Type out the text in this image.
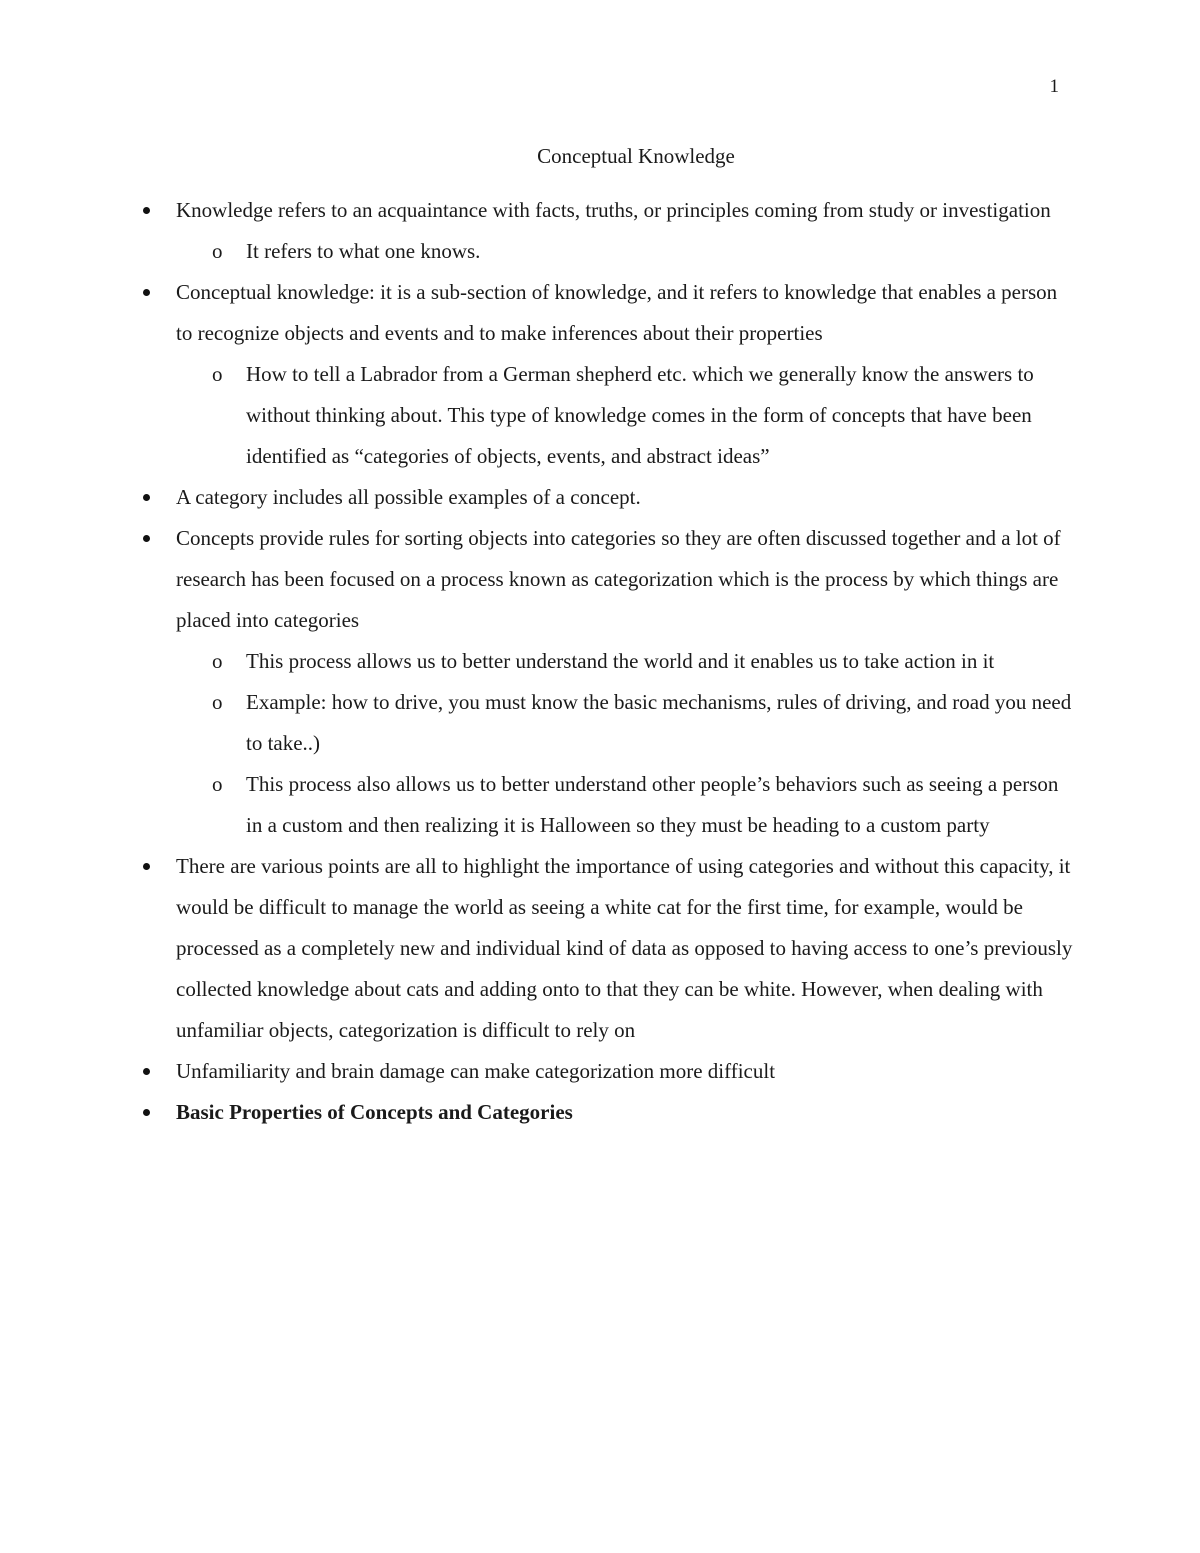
1
Conceptual Knowledge

Knowledge refers to an acquaintance with facts, truths, or principles coming from study or investigation

o It refers to what one knows.

Conceptual knowledge: it is a sub-section of knowledge, and it refers to knowledge that enables a person to recognize objects and events and to make inferences about their properties

o How to tell a Labrador from a German shepherd etc. which we generally know the answers to without thinking about. This type of knowledge comes in the form of concepts that have been identified as “categories of objects, events, and abstract ideas”

A category includes all possible examples of a concept.

Concepts provide rules for sorting objects into categories so they are often discussed together and a lot of research has been focused on a process known as categorization which is the process by which things are placed into categories

o This process allows us to better understand the world and it enables us to take action in it

o Example: how to drive, you must know the basic mechanisms, rules of driving, and road you need to take..)

o This process also allows us to better understand other people’s behaviors such as seeing a person in a custom and then realizing it is Halloween so they must be heading to a custom party

There are various points are all to highlight the importance of using categories and without this capacity, it would be difficult to manage the world as seeing a white cat for the first time, for example, would be processed as a completely new and individual kind of data as opposed to having access to one’s previously collected knowledge about cats and adding onto to that they can be white. However, when dealing with unfamiliar objects, categorization is difficult to rely on

Unfamiliarity and brain damage can make categorization more difficult

Basic Properties of Concepts and Categories
